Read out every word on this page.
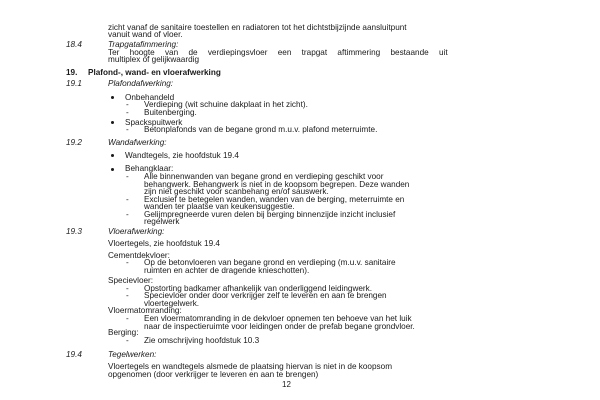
zicht vanaf de sanitaire toestellen en radiatoren tot het dichtstbijzijnde aansluitpunt
vanuit wand of vloer.
18.4	Trapgatafimmering:
Ter hoogte van de verdiepingsvloer een trapgat aftimmering bestaande uit
multiplex of gelijkwaardig
19. Plafond-, wand- en vloerafwerking
19.1	Plafondafwerking:
Onbehandeld
- Verdieping (wit schuine dakplaat in het zicht).
- Buitenberging.
Spackspuitwerk
- Betonplafonds van de begane grond m.u.v. plafond meterruimte.
19.2	Wandafwerking:
Wandtegels, zie hoofdstuk 19.4
Behangklaar:
- Alle binnenwanden van begane grond en verdieping geschikt voor
behangwerk. Behangwerk is niet in de koopsom begrepen. Deze wanden
zijn niet geschikt voor scanbehang en/of sauswerk.
- Exclusief te betegelen wanden, wanden van de berging, meterruimte en
wanden ter plaatse van keukensuggestie.
- Gelijmpregneerde vuren delen bij berging binnenzijde inzicht inclusief
regelwerk
19.3	Vloerafwerking:
Vloertegels, zie hoofdstuk 19.4
Cementdekvloer:
- Op de betonvloeren van begane grond en verdieping (m.u.v. sanitaire
ruimten en achter de dragende knieschotten).
Specievloer:
- Opstorting badkamer afhankelijk van onderliggend leidingwerk.
- Specievloer onder door verkrijger zelf te leveren en aan te brengen
vloertegelwerk.
Vloermatomranding:
- Een vloermatomranding in de dekvloer opnemen ten behoeve van het luik
naar de inspectieruimte voor leidingen onder de prefab begane grondvloer.
Berging:
- Zie omschrijving hoofdstuk 10.3
19.4	Tegelwerken:
Vloertegels en wandtegels alsmede de plaatsing hiervan is niet in de koopsom
opgenomen (door verkrijger te leveren en aan te brengen)
12
